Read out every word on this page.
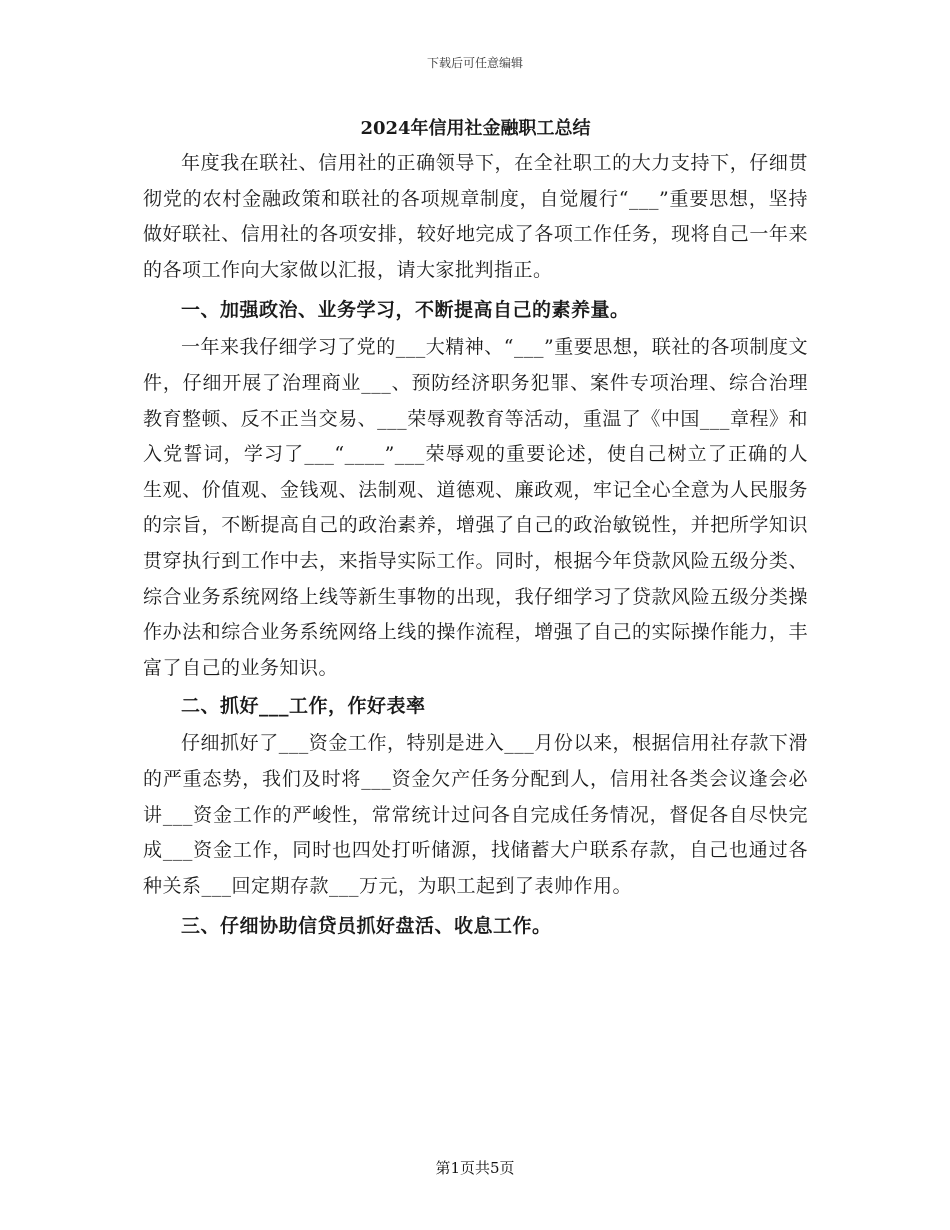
下载后可任意编辑
2024年信用社金融职工总结

年度我在联社、信用社的正确领导下，在全社职工的大力支持下，仔细贯彻党的农村金融政策和联社的各项规章制度，自觉履行“___”重要思想，坚持做好联社、信用社的各项安排，较好地完成了各项工作任务，现将自己一年来的各项工作向大家做以汇报，请大家批判指正。

一、加强政治、业务学习，不断提高自己的素养量。

一年来我仔细学习了党的___大精神、“___”重要思想，联社的各项制度文件，仔细开展了治理商业___、预防经济职务犯罪、案件专项治理、综合治理教育整顿、反不正当交易、___荣辱观教育等活动，重温了《中国___章程》和入党誓词，学习了___“____”___荣辱观的重要论述，使自己树立了正确的人生观、价值观、金钱观、法制观、道德观、廉政观，牢记全心全意为人民服务的宗旨，不断提高自己的政治素养，增强了自己的政治敏锐性，并把所学知识贯穿执行到工作中去，来指导实际工作。同时，根据今年贷款风险五级分类、综合业务系统网络上线等新生事物的出现，我仔细学习了贷款风险五级分类操作办法和综合业务系统网络上线的操作流程，增强了自己的实际操作能力，丰富了自己的业务知识。

二、抓好___工作，作好表率

仔细抓好了___资金工作，特别是进入___月份以来，根据信用社存款下滑的严重态势，我们及时将___资金欠产任务分配到人，信用社各类会议逢会必讲___资金工作的严峻性，常常统计过问各自完成任务情况，督促各自尽快完成___资金工作，同时也四处打听储源，找储蓄大户联系存款，自己也通过各种关系___回定期存款___万元，为职工起到了表帅作用。

三、仔细协助信贷员抓好盘活、收息工作。
第1页共5页
